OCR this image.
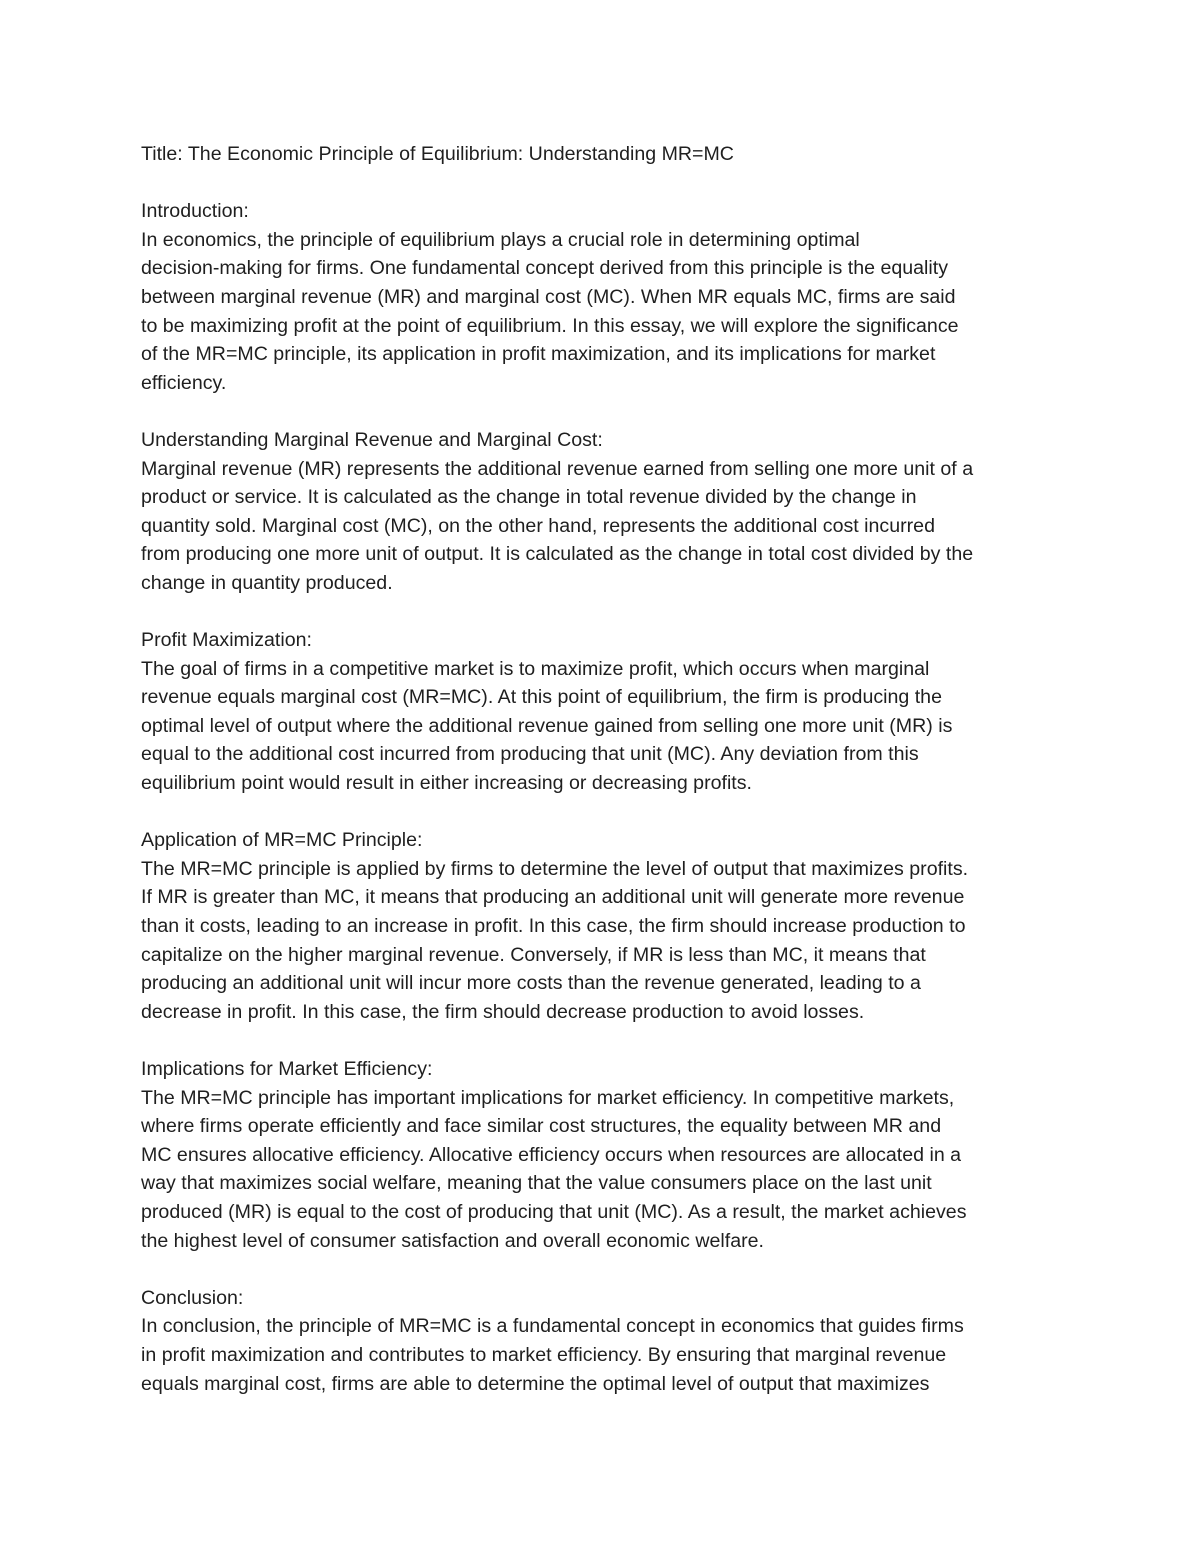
Title: The Economic Principle of Equilibrium: Understanding MR=MC
Introduction:
In economics, the principle of equilibrium plays a crucial role in determining optimal
decision-making for firms. One fundamental concept derived from this principle is the equality
between marginal revenue (MR) and marginal cost (MC). When MR equals MC, firms are said
to be maximizing profit at the point of equilibrium. In this essay, we will explore the significance
of the MR=MC principle, its application in profit maximization, and its implications for market
efficiency.
Understanding Marginal Revenue and Marginal Cost:
Marginal revenue (MR) represents the additional revenue earned from selling one more unit of a
product or service. It is calculated as the change in total revenue divided by the change in
quantity sold. Marginal cost (MC), on the other hand, represents the additional cost incurred
from producing one more unit of output. It is calculated as the change in total cost divided by the
change in quantity produced.
Profit Maximization:
The goal of firms in a competitive market is to maximize profit, which occurs when marginal
revenue equals marginal cost (MR=MC). At this point of equilibrium, the firm is producing the
optimal level of output where the additional revenue gained from selling one more unit (MR) is
equal to the additional cost incurred from producing that unit (MC). Any deviation from this
equilibrium point would result in either increasing or decreasing profits.
Application of MR=MC Principle:
The MR=MC principle is applied by firms to determine the level of output that maximizes profits.
If MR is greater than MC, it means that producing an additional unit will generate more revenue
than it costs, leading to an increase in profit. In this case, the firm should increase production to
capitalize on the higher marginal revenue. Conversely, if MR is less than MC, it means that
producing an additional unit will incur more costs than the revenue generated, leading to a
decrease in profit. In this case, the firm should decrease production to avoid losses.
Implications for Market Efficiency:
The MR=MC principle has important implications for market efficiency. In competitive markets,
where firms operate efficiently and face similar cost structures, the equality between MR and
MC ensures allocative efficiency. Allocative efficiency occurs when resources are allocated in a
way that maximizes social welfare, meaning that the value consumers place on the last unit
produced (MR) is equal to the cost of producing that unit (MC). As a result, the market achieves
the highest level of consumer satisfaction and overall economic welfare.
Conclusion:
In conclusion, the principle of MR=MC is a fundamental concept in economics that guides firms
in profit maximization and contributes to market efficiency. By ensuring that marginal revenue
equals marginal cost, firms are able to determine the optimal level of output that maximizes
